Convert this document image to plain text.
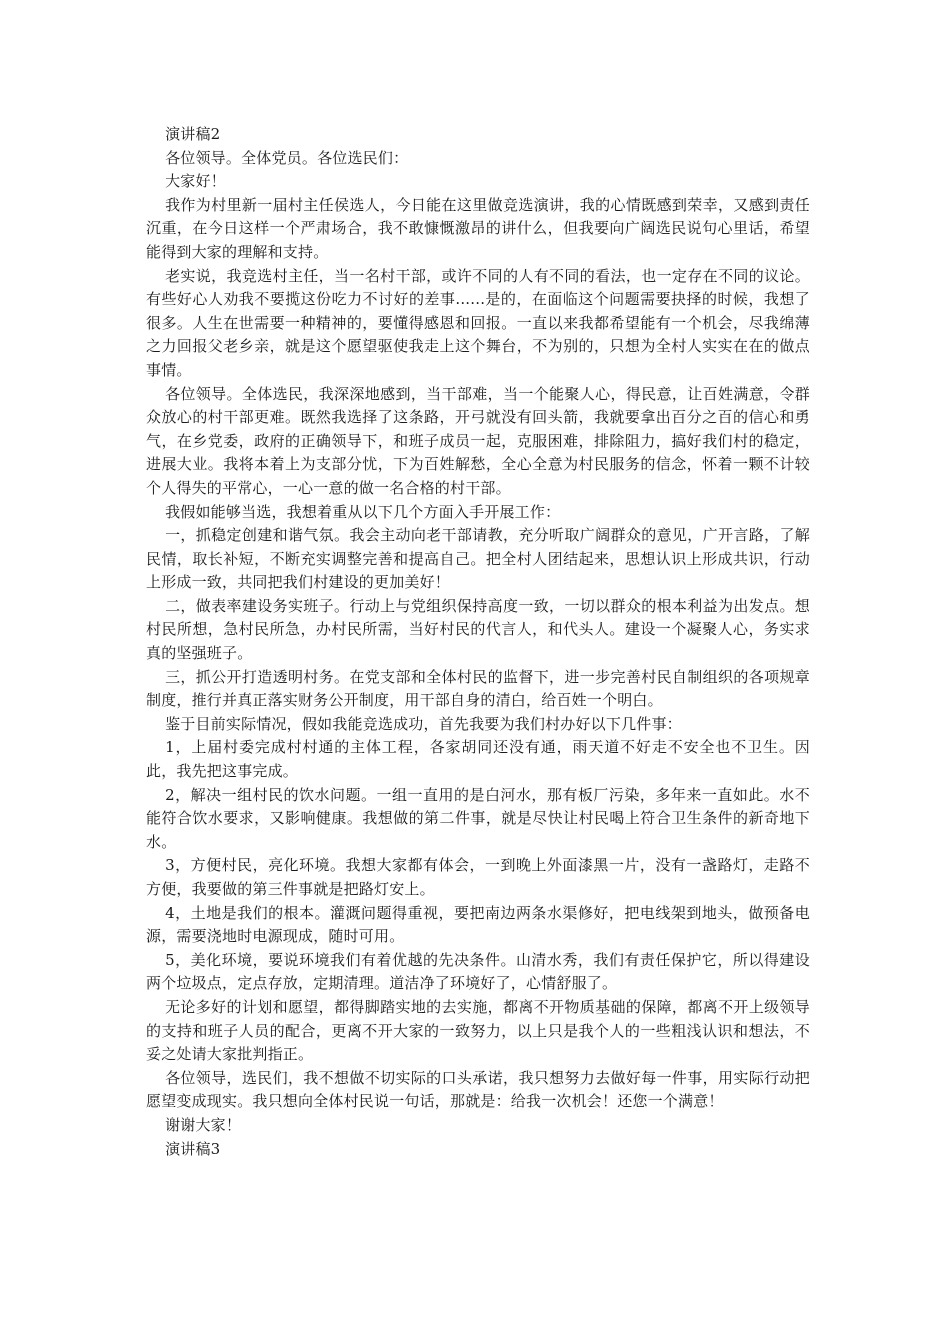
演讲稿2

各位领导。全体党员。各位选民们：

大家好！

我作为村里新一届村主任侯选人，今日能在这里做竞选演讲，我的心情既感到荣幸，又感到责任沉重，在今日这样一个严肃场合，我不敢慷慨激昂的讲什么，但我要向广阔选民说句心里话，希望能得到大家的理解和支持。

老实说，我竞选村主任，当一名村干部，或许不同的人有不同的看法，也一定存在不同的议论。有些好心人劝我不要揽这份吃力不讨好的差事......是的，在面临这个问题需要抉择的时候，我想了很多。人生在世需要一种精神的，要懂得感恩和回报。一直以来我都希望能有一个机会，尽我绵薄之力回报父老乡亲，就是这个愿望驱使我走上这个舞台，不为别的，只想为全村人实实在在的做点事情。

各位领导。全体选民，我深深地感到，当干部难，当一个能聚人心，得民意，让百姓满意，令群众放心的村干部更难。既然我选择了这条路，开弓就没有回头箭，我就要拿出百分之百的信心和勇气，在乡党委，政府的正确领导下，和班子成员一起，克服困难，排除阻力，搞好我们村的稳定，进展大业。我将本着上为支部分忧，下为百姓解愁，全心全意为村民服务的信念，怀着一颗不计较个人得失的平常心，一心一意的做一名合格的村干部。

我假如能够当选，我想着重从以下几个方面入手开展工作：

一，抓稳定创建和谐气氛。我会主动向老干部请教，充分听取广阔群众的意见，广开言路，了解民情，取长补短，不断充实调整完善和提高自己。把全村人团结起来，思想认识上形成共识，行动上形成一致，共同把我们村建设的更加美好！

二，做表率建设务实班子。行动上与党组织保持高度一致，一切以群众的根本利益为出发点。想村民所想，急村民所急，办村民所需，当好村民的代言人，和代头人。建设一个凝聚人心，务实求真的坚强班子。

三，抓公开打造透明村务。在党支部和全体村民的监督下，进一步完善村民自制组织的各项规章制度，推行并真正落实财务公开制度，用干部自身的清白，给百姓一个明白。

鉴于目前实际情况，假如我能竞选成功，首先我要为我们村办好以下几件事：

1，上届村委完成村村通的主体工程，各家胡同还没有通，雨天道不好走不安全也不卫生。因此，我先把这事完成。

2，解决一组村民的饮水问题。一组一直用的是白河水，那有板厂污染，多年来一直如此。水不能符合饮水要求，又影响健康。我想做的第二件事，就是尽快让村民喝上符合卫生条件的新奇地下水。

3，方便村民，亮化环境。我想大家都有体会，一到晚上外面漆黑一片，没有一盏路灯，走路不方便，我要做的第三件事就是把路灯安上。

4，土地是我们的根本。灌溉问题得重视，要把南边两条水渠修好，把电线架到地头，做预备电源，需要浇地时电源现成，随时可用。

5，美化环境，要说环境我们有着优越的先决条件。山清水秀，我们有责任保护它，所以得建设两个垃圾点，定点存放，定期清理。道洁净了环境好了，心情舒服了。

无论多好的计划和愿望，都得脚踏实地的去实施，都离不开物质基础的保障，都离不开上级领导的支持和班子人员的配合，更离不开大家的一致努力，以上只是我个人的一些粗浅认识和想法，不妥之处请大家批判指正。

各位领导，选民们，我不想做不切实际的口头承诺，我只想努力去做好每一件事，用实际行动把愿望变成现实。我只想向全体村民说一句话，那就是：给我一次机会！还您一个满意！

谢谢大家！

演讲稿3
